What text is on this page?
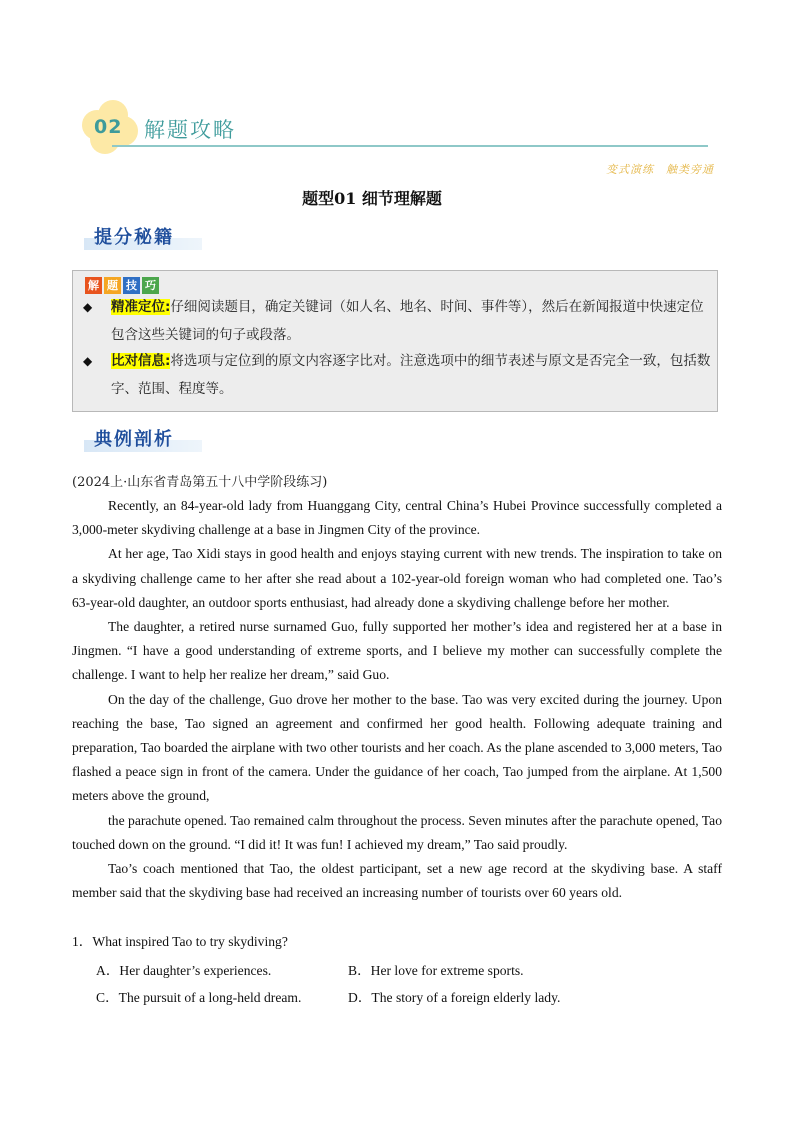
02 解题攻略
变式演练　触类旁通
题型01 细节理解题
提分秘籍
解 题 技 巧
◆ 精准定位:仔细阅读题目，确定关键词（如人名、地名、时间、事件等），然后在新闻报道中快速定位包含这些关键词的句子或段落。
◆ 比对信息:将选项与定位到的原文内容逐字比对。注意选项中的细节表述与原文是否完全一致，包括数字、范围、程度等。
典例剖析
(2024上·山东省青岛第五十八中学阶段练习)

Recently, an 84-year-old lady from Huanggang City, central China’s Hubei Province successfully completed a 3,000-meter skydiving challenge at a base in Jingmen City of the province.

At her age, Tao Xidi stays in good health and enjoys staying current with new trends. The inspiration to take on a skydiving challenge came to her after she read about a 102-year-old foreign woman who had completed one. Tao’s 63-year-old daughter, an outdoor sports enthusiast, had already done a skydiving challenge before her mother.

The daughter, a retired nurse surnamed Guo, fully supported her mother’s idea and registered her at a base in Jingmen. “I have a good understanding of extreme sports, and I believe my mother can successfully complete the challenge. I want to help her realize her dream,” said Guo.

On the day of the challenge, Guo drove her mother to the base. Tao was very excited during the journey. Upon reaching the base, Tao signed an agreement and confirmed her good health. Following adequate training and preparation, Tao boarded the airplane with two other tourists and her coach. As the plane ascended to 3,000 meters, Tao flashed a peace sign in front of the camera. Under the guidance of her coach, Tao jumped from the airplane. At 1,500 meters above the ground,

the parachute opened. Tao remained calm throughout the process. Seven minutes after the parachute opened, Tao touched down on the ground. “I did it! It was fun! I achieved my dream,” Tao said proudly.

Tao’s coach mentioned that Tao, the oldest participant, set a new age record at the skydiving base. A staff member said that the skydiving base had received an increasing number of tourists over 60 years old.

1．What inspired Tao to try skydiving?
A．Her daughter’s experiences.	B．Her love for extreme sports.
C．The pursuit of a long-held dream.	D．The story of a foreign elderly lady.
